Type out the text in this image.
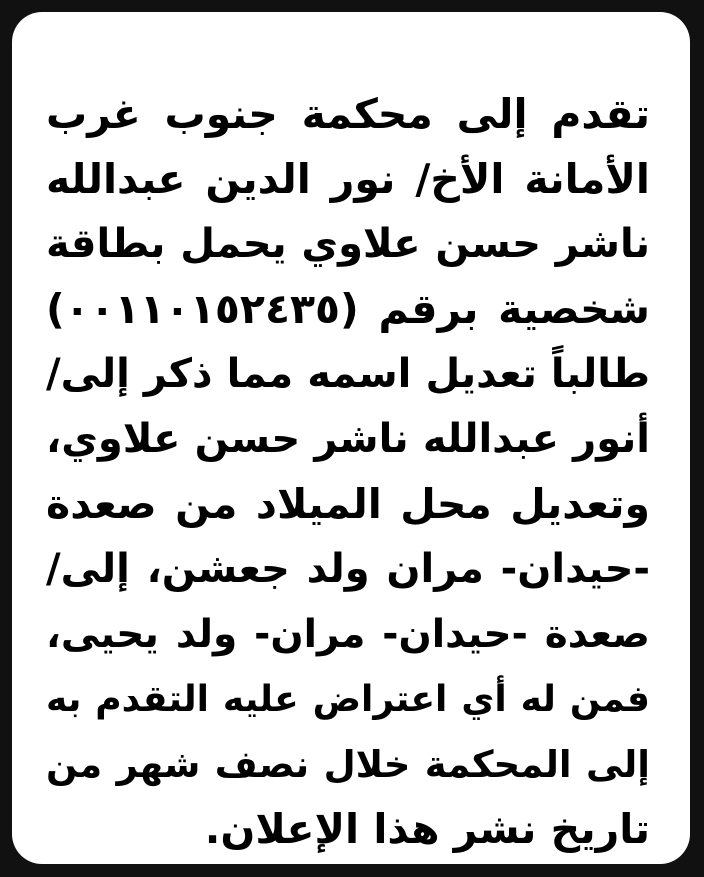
تقدم إلى محكمة جنوب غرب
الأمانة الأخ/ نور الدين عبدالله
ناشر حسن علاوي يحمل بطاقة
شخصية برقم (٠٠١١٠١٥٢٤٣٥)
طالباً تعديل اسمه مما ذكر إلى/
أنور عبدالله ناشر حسن علاوي،
وتعديل محل الميلاد من صعدة
-حيدان- مران ولد جعشن، إلى/
صعدة -حيدان- مران- ولد يحيى،
فمن له أي اعتراض عليه التقدم به
إلى المحكمة خلال نصف شهر من
تاريخ نشر هذا الإعلان.
